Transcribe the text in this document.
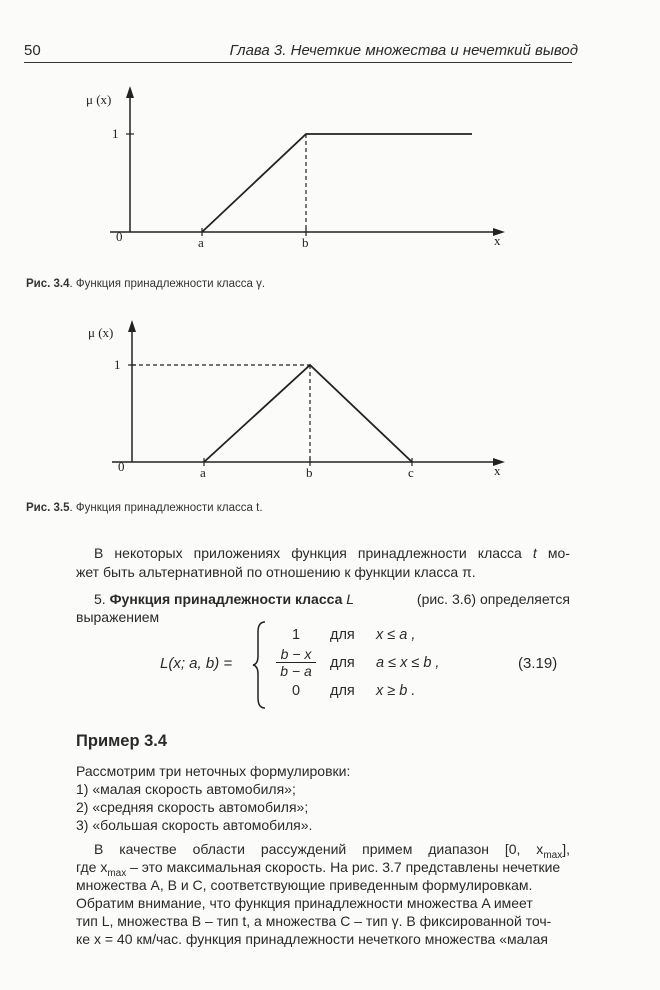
50	Глава 3. Нечеткие множества и нечеткий вывод
μ (x)
1
0	a	b	x
Рис. 3.4. Функция принадлежности класса γ.
μ (x)
1
0	a	b	c	x
Рис. 3.5. Функция принадлежности класса t.
В некоторых приложениях функция принадлежности класса t мо-
жет быть альтернативной по отношению к функции класса π.
5. Функция принадлежности класса L	(рис. 3.6) определяется
выражением
L(x; a, b) =
1 для x ≤ a ,
$\frac{b - x}{b - a}$ для a ≤ x ≤ b ,
0 для x ≥ b .
(3.19)
Пример 3.4
Рассмотрим три неточных формулировки:
1) «малая скорость автомобиля»;
2) «средняя скорость автомобиля»;
3) «большая скорость автомобиля».
В качестве области рассуждений примем диапазон [0, $x_{max}$],
где $x_{max}$ – это максимальная скорость. На рис. 3.7 представлены нечеткие
множества A, B и C, соответствующие приведенным формулировкам.
Обратим внимание, что функция принадлежности множества A имеет
тип L, множества B – тип t, а множества C – тип γ. В фиксированной точ-
ке x = 40 км/час. функция принадлежности нечеткого множества «малая
